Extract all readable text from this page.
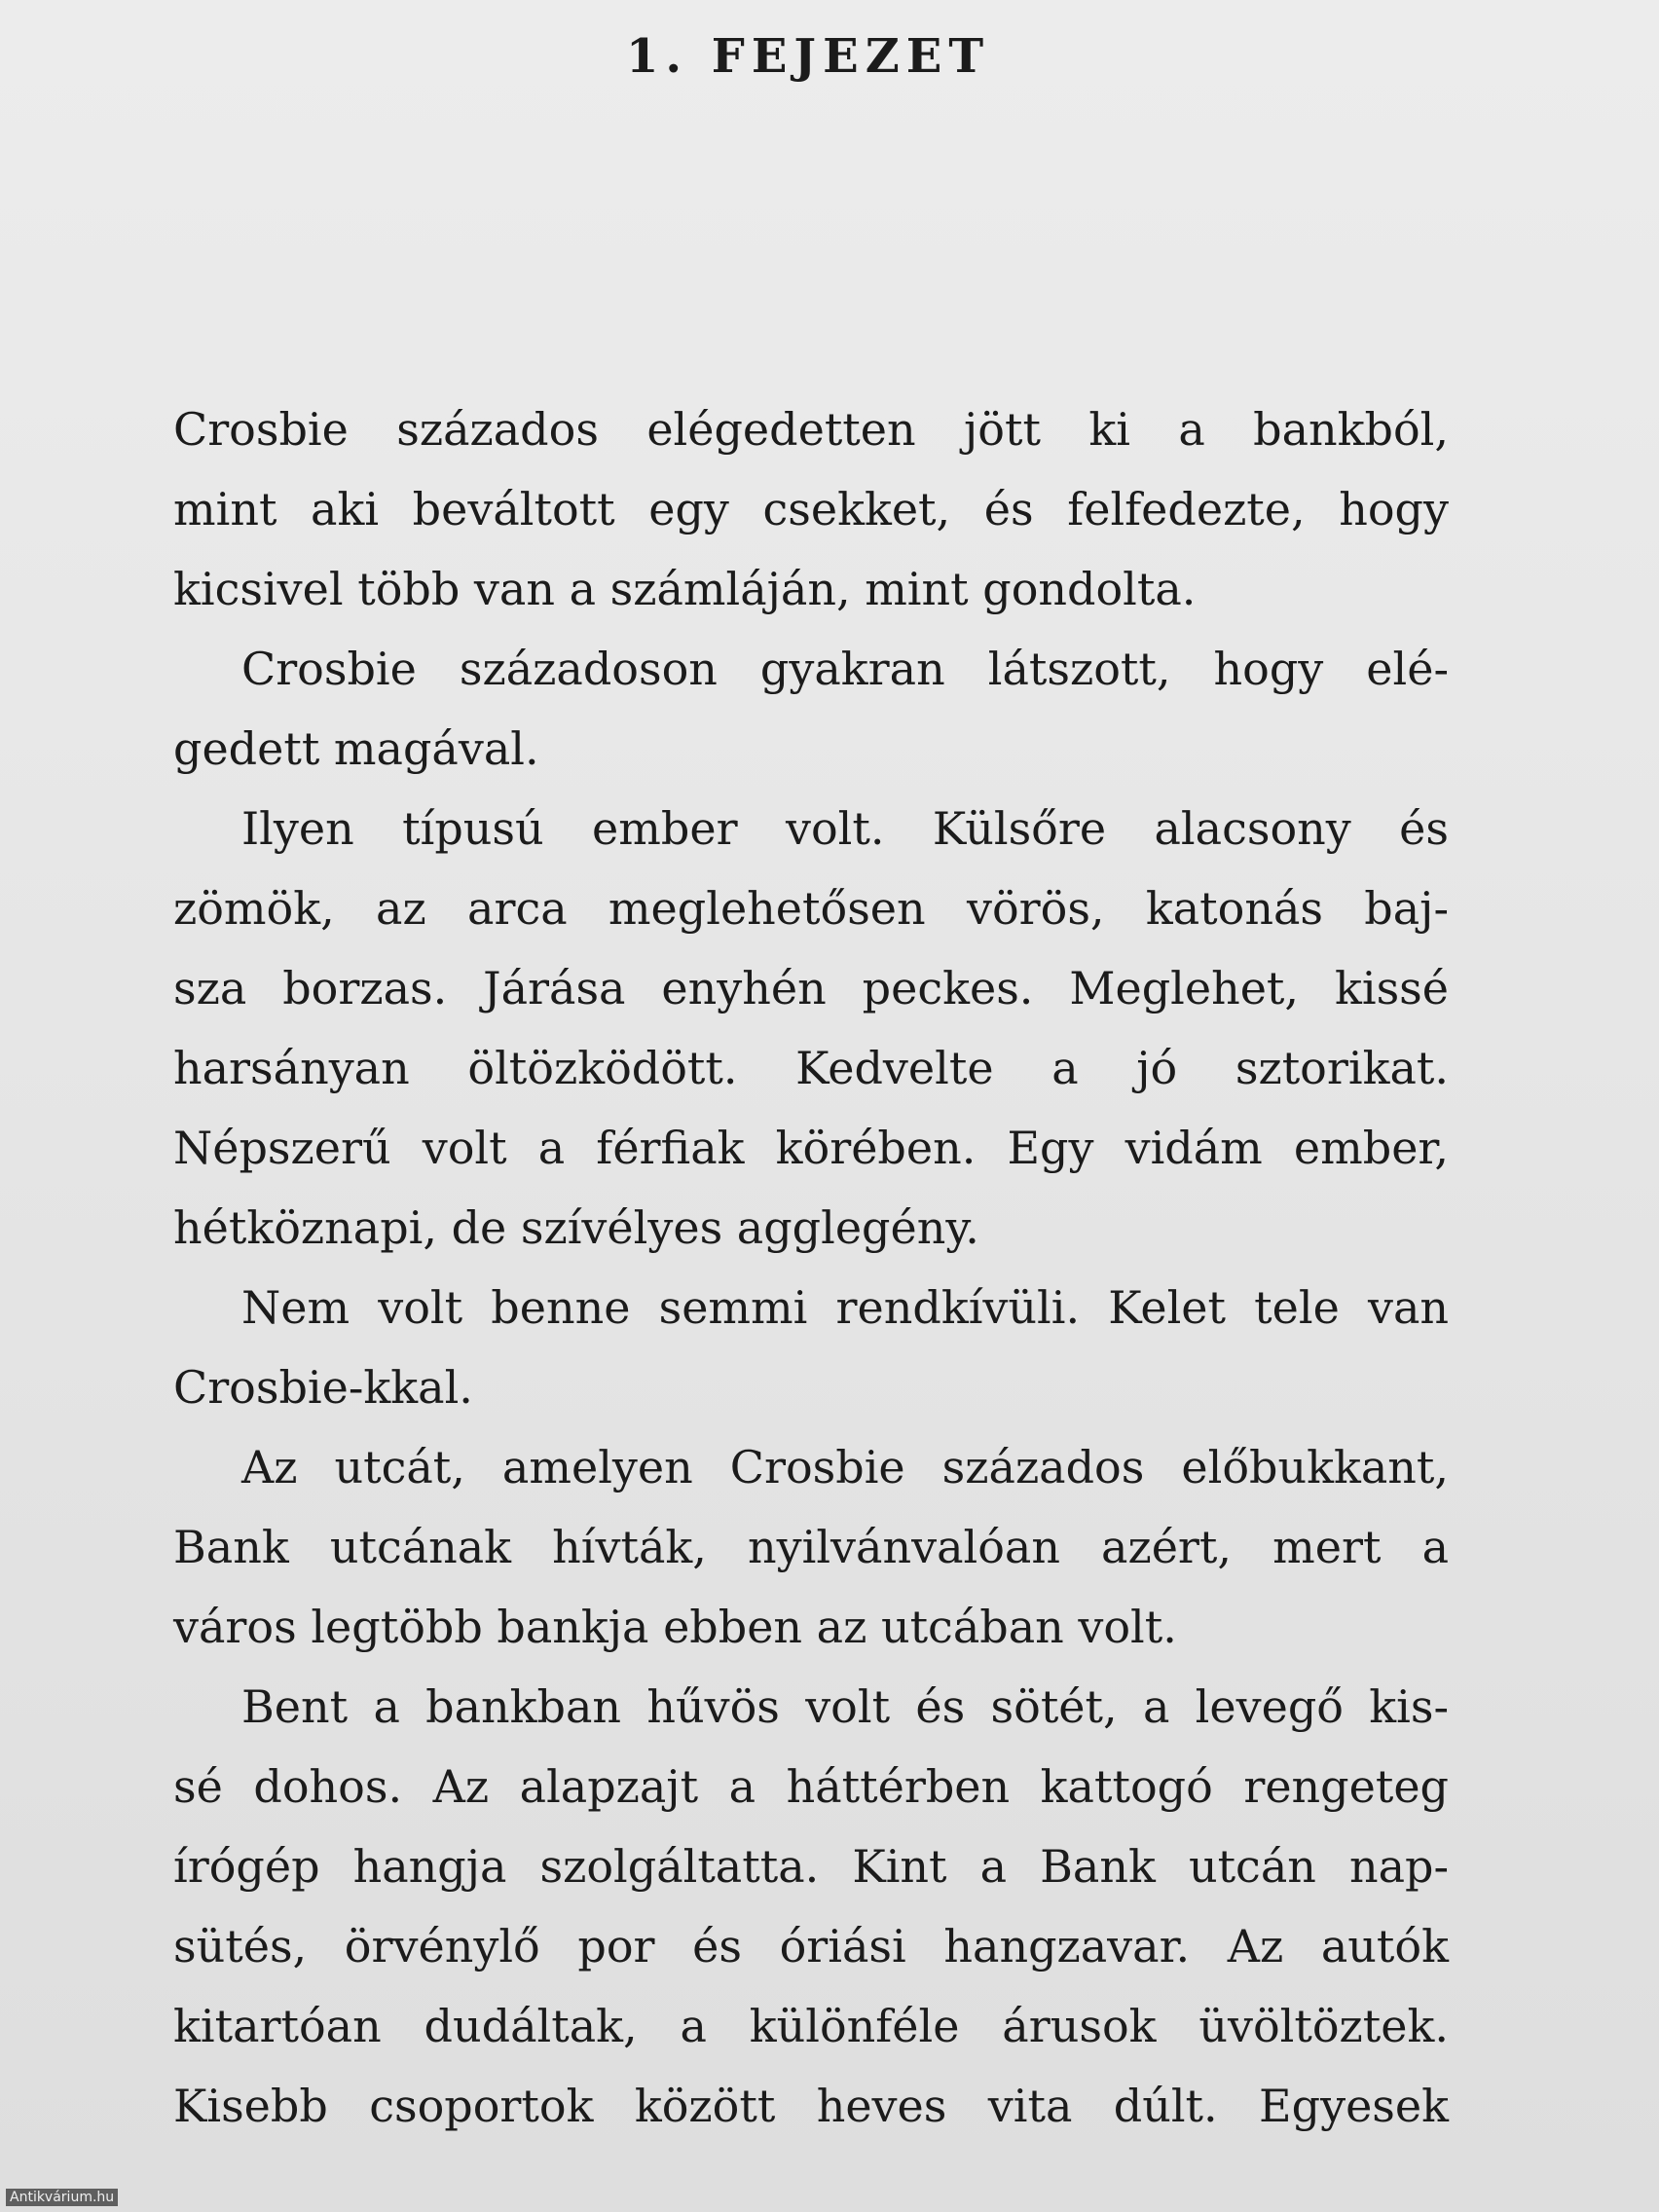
1. FEJEZET
Crosbie százados elégedetten jött ki a bankból,
mint aki beváltott egy csekket, és felfedezte, hogy
kicsivel több van a számláján, mint gondolta.
Crosbie századoson gyakran látszott, hogy elé-
gedett magával.
Ilyen típusú ember volt. Külsőre alacsony és
zömök, az arca meglehetősen vörös, katonás baj-
sza borzas. Járása enyhén peckes. Meglehet, kissé
harsányan öltözködött. Kedvelte a jó sztorikat.
Népszerű volt a férfiak körében. Egy vidám ember,
hétköznapi, de szívélyes agglegény.
Nem volt benne semmi rendkívüli. Kelet tele van
Crosbie-kkal.
Az utcát, amelyen Crosbie százados előbukkant,
Bank utcának hívták, nyilvánvalóan azért, mert a
város legtöbb bankja ebben az utcában volt.
Bent a bankban hűvös volt és sötét, a levegő kis-
sé dohos. Az alapzajt a háttérben kattogó rengeteg
írógép hangja szolgáltatta. Kint a Bank utcán nap-
sütés, örvénylő por és óriási hangzavar. Az autók
kitartóan dudáltak, a különféle árusok üvöltöztek.
Kisebb csoportok között heves vita dúlt. Egyesek
Antikvárium.hu
